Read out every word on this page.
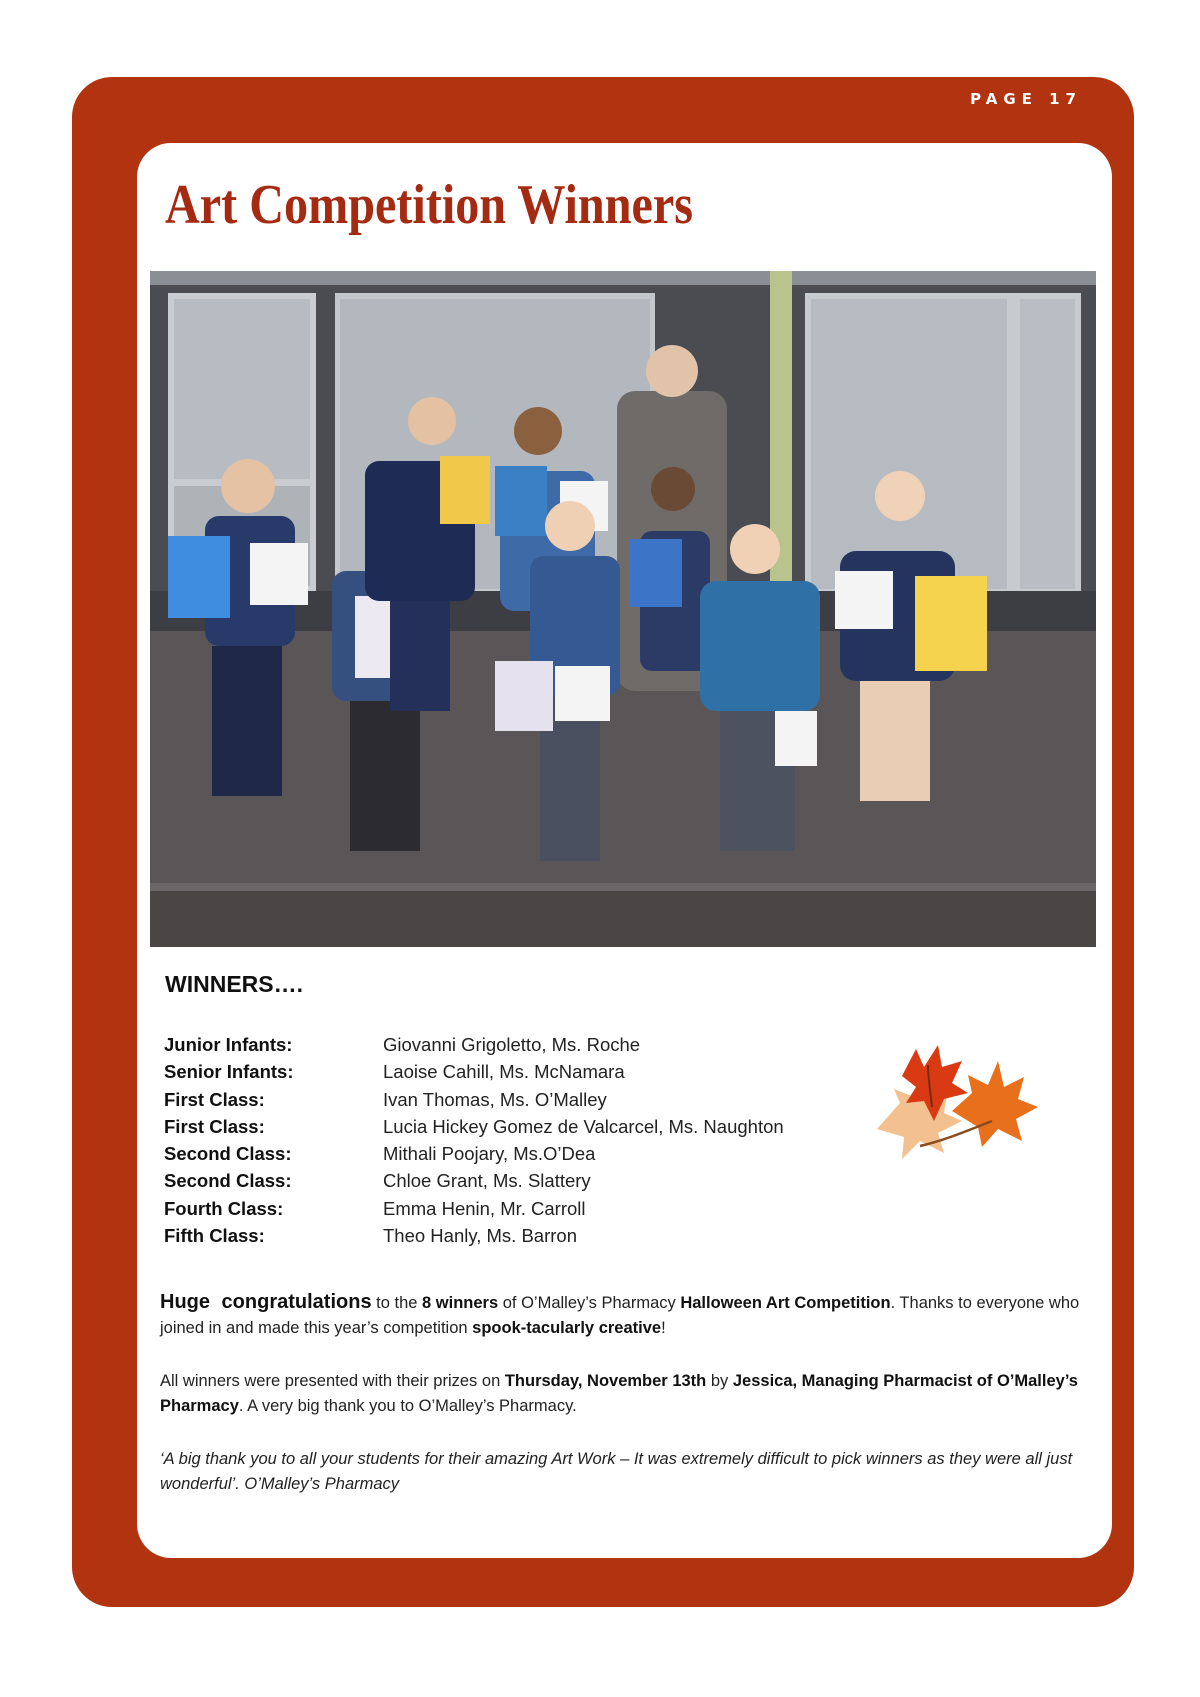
PAGE 17
Art Competition Winners
WINNERS….
Junior Infants:	Giovanni Grigoletto, Ms. Roche
Senior Infants:	Laoise Cahill, Ms. McNamara
First Class:	Ivan Thomas, Ms. O’Malley
First Class:	Lucia Hickey Gomez de Valcarcel, Ms. Naughton
Second Class:	Mithali Poojary, Ms.O’Dea
Second Class:	Chloe Grant, Ms. Slattery
Fourth Class:	Emma Henin, Mr. Carroll
Fifth Class:	Theo Hanly, Ms. Barron

Huge congratulations to the 8 winners of O’Malley’s Pharmacy Halloween Art Competition. Thanks to everyone who joined in and made this year’s competition spook-tacularly creative!

All winners were presented with their prizes on Thursday, November 13th by Jessica, Managing Pharmacist of O’Malley’s Pharmacy. A very big thank you to O’Malley’s Pharmacy.

‘A big thank you to all your students for their amazing Art Work – It was extremely difficult to pick winners as they were all just wonderful’. O’Malley’s Pharmacy
